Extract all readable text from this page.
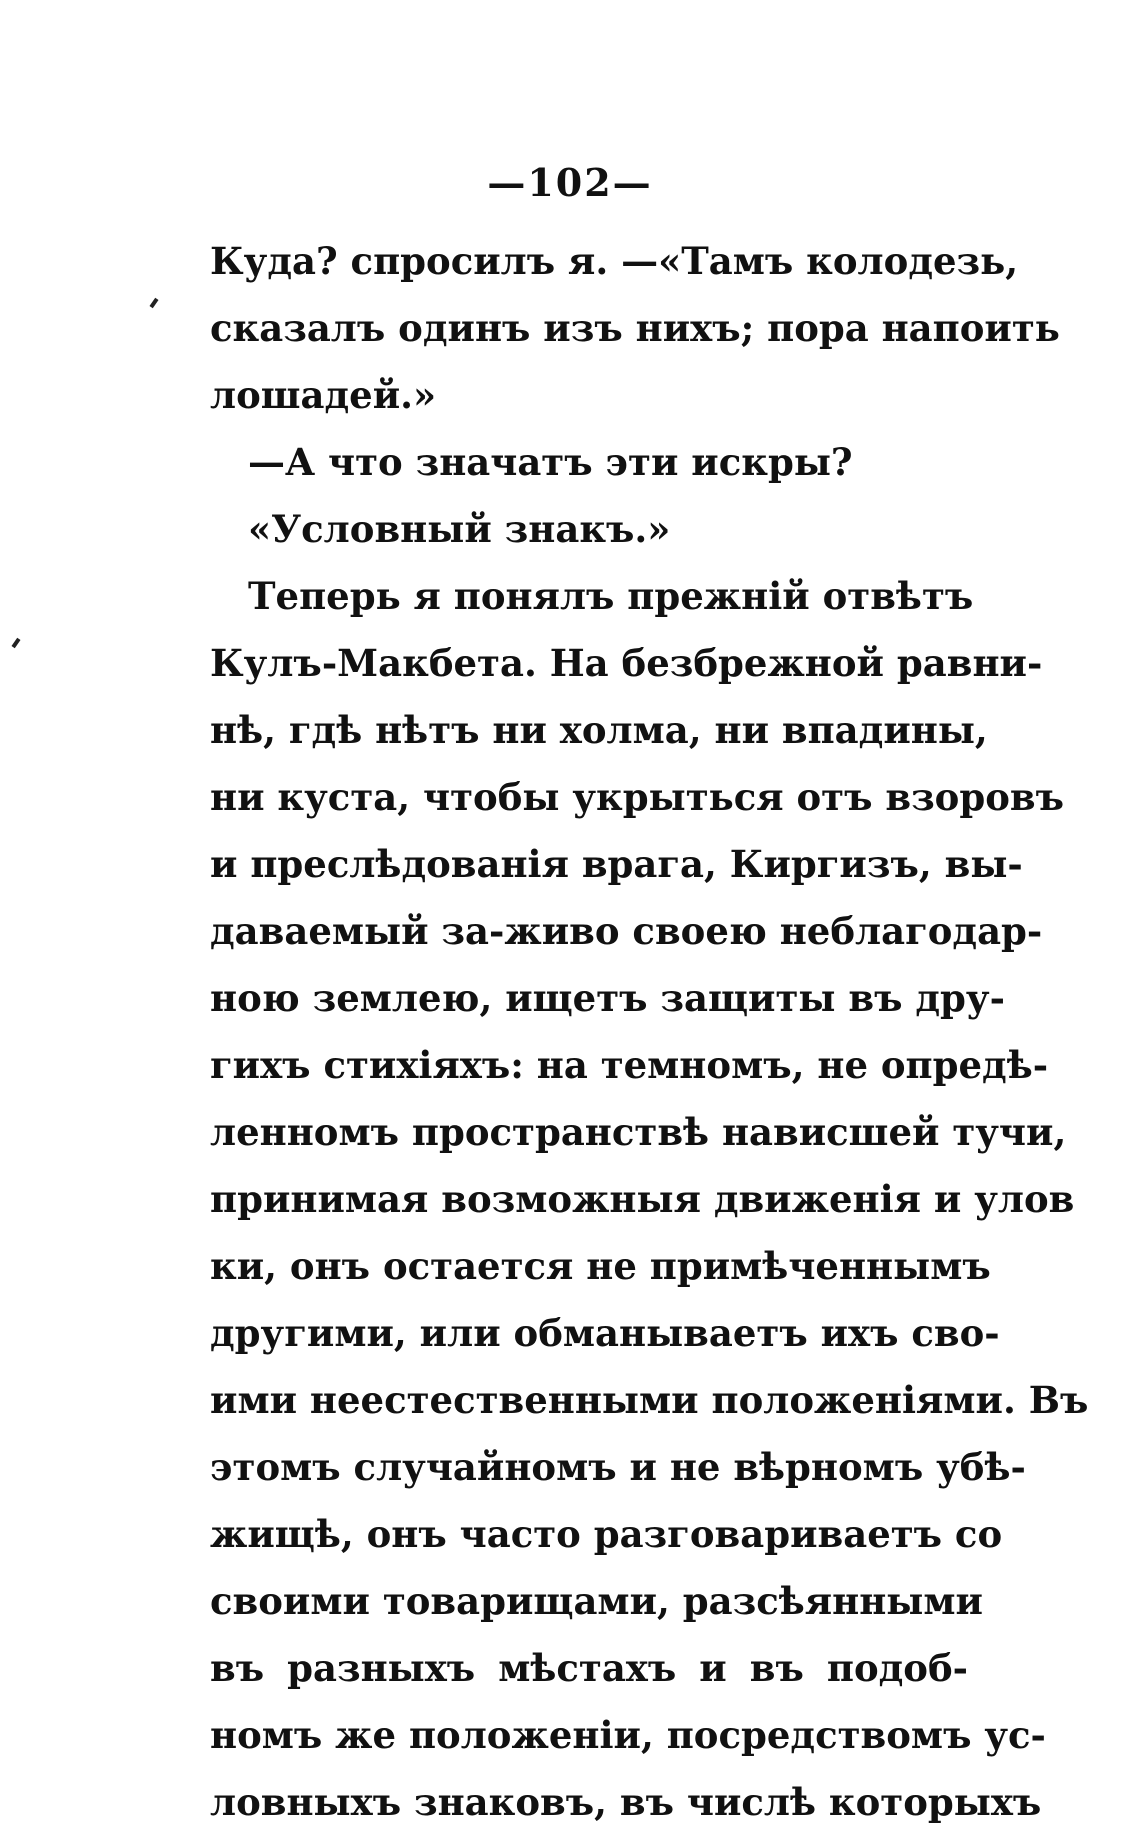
—102—
Куда? спросилъ я. —«Тамъ колодезь,
сказалъ одинъ изъ нихъ; пора напоить
лошадей.»
—А что значатъ эти искры?
«Условный знакъ.»
Теперь я понялъ прежній отвѣтъ
Кулъ-Макбета. На безбрежной равни-
нѣ, гдѣ нѣтъ ни холма, ни впадины,
ни куста, чтобы укрыться отъ взоровъ
и преслѣдованія врага, Киргизъ, вы-
даваемый за-живо своею неблагодар-
ною землею, ищетъ защиты въ дру-
гихъ стихіяхъ: на темномъ, не опредѣ-
ленномъ пространствѣ нависшей тучи,
принимая возможныя движенія и улов
ки, онъ остается не примѣченнымъ
другими, или обманываетъ ихъ сво-
ими неестественными положеніями. Въ
этомъ случайномъ и не вѣрномъ убѣ-
жищѣ, онъ часто разговариваетъ со
своими товарищами, разсѣянными
въ разныхъ мѣстахъ и въ подоб-
номъ же положеніи, посредствомъ ус-
ловныхъ знаковъ, въ числѣ которыхъ
